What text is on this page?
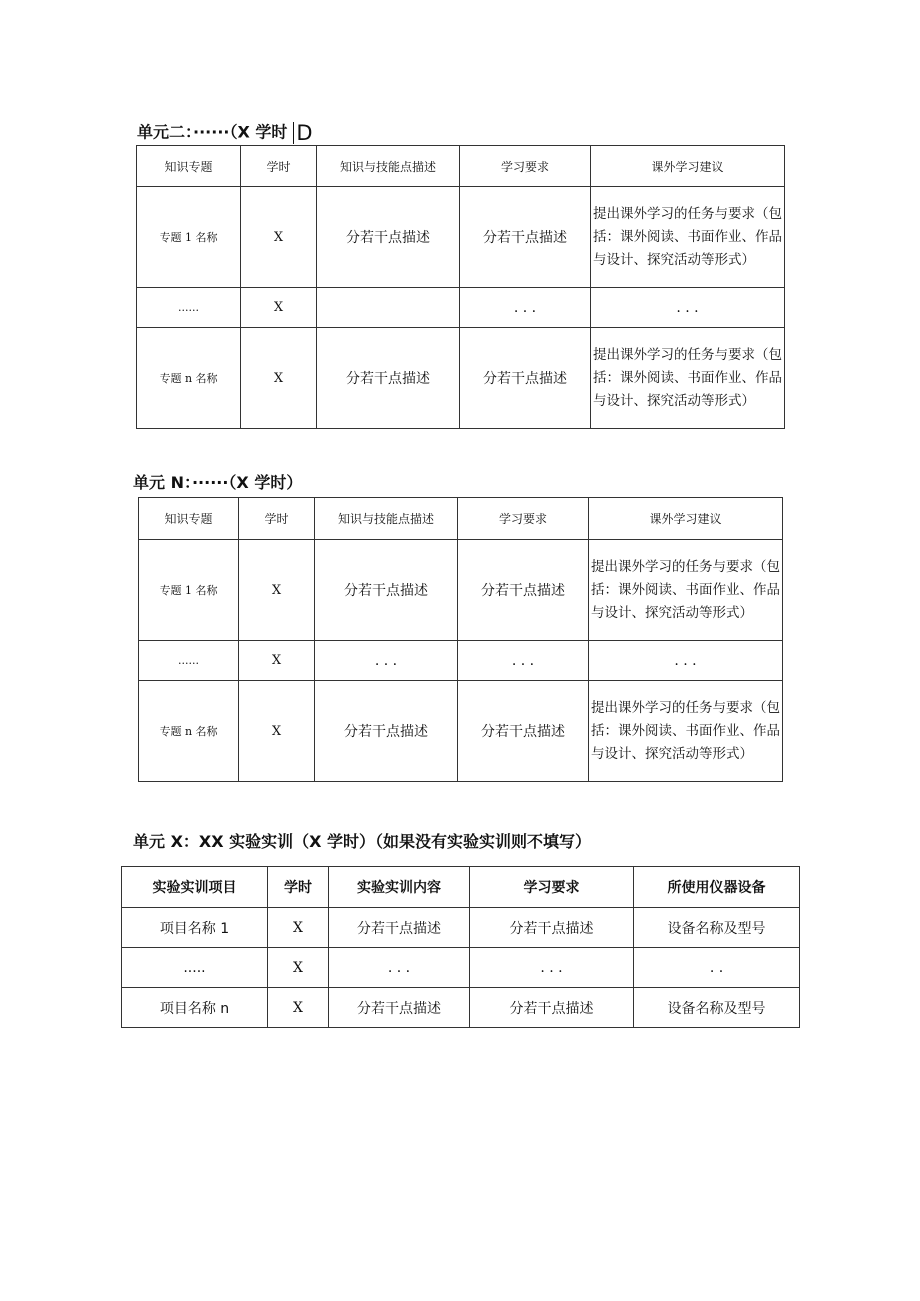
单元二：······（X 学时 D
知识专题	学时	知识与技能点描述	学习要求	课外学习建议
专题 1 名称	X	分若干点描述	分若干点描述	提出课外学习的任务与要求（包括：课外阅读、书面作业、作品与设计、探究活动等形式）
......	X		. . .	. . .
专题 n 名称	X	分若干点描述	分若干点描述	提出课外学习的任务与要求（包括：课外阅读、书面作业、作品与设计、探究活动等形式）
单元 N：······（X 学时）
知识专题	学时	知识与技能点描述	学习要求	课外学习建议
专题 1 名称	X	分若干点描述	分若干点描述	提出课外学习的任务与要求（包括：课外阅读、书面作业、作品与设计、探究活动等形式）
......	X	. . .	. . .	. . .
专题 n 名称	X	分若干点描述	分若干点描述	提出课外学习的任务与要求（包括：课外阅读、书面作业、作品与设计、探究活动等形式）
单元 X：XX 实验实训（X 学时）（如果没有实验实训则不填写）
实验实训项目	学时	实验实训内容	学习要求	所使用仪器设备
项目名称 1	X	分若干点描述	分若干点描述	设备名称及型号
.....	X	. . .	. . .	. .
项目名称 n	X	分若干点描述	分若干点描述	设备名称及型号
